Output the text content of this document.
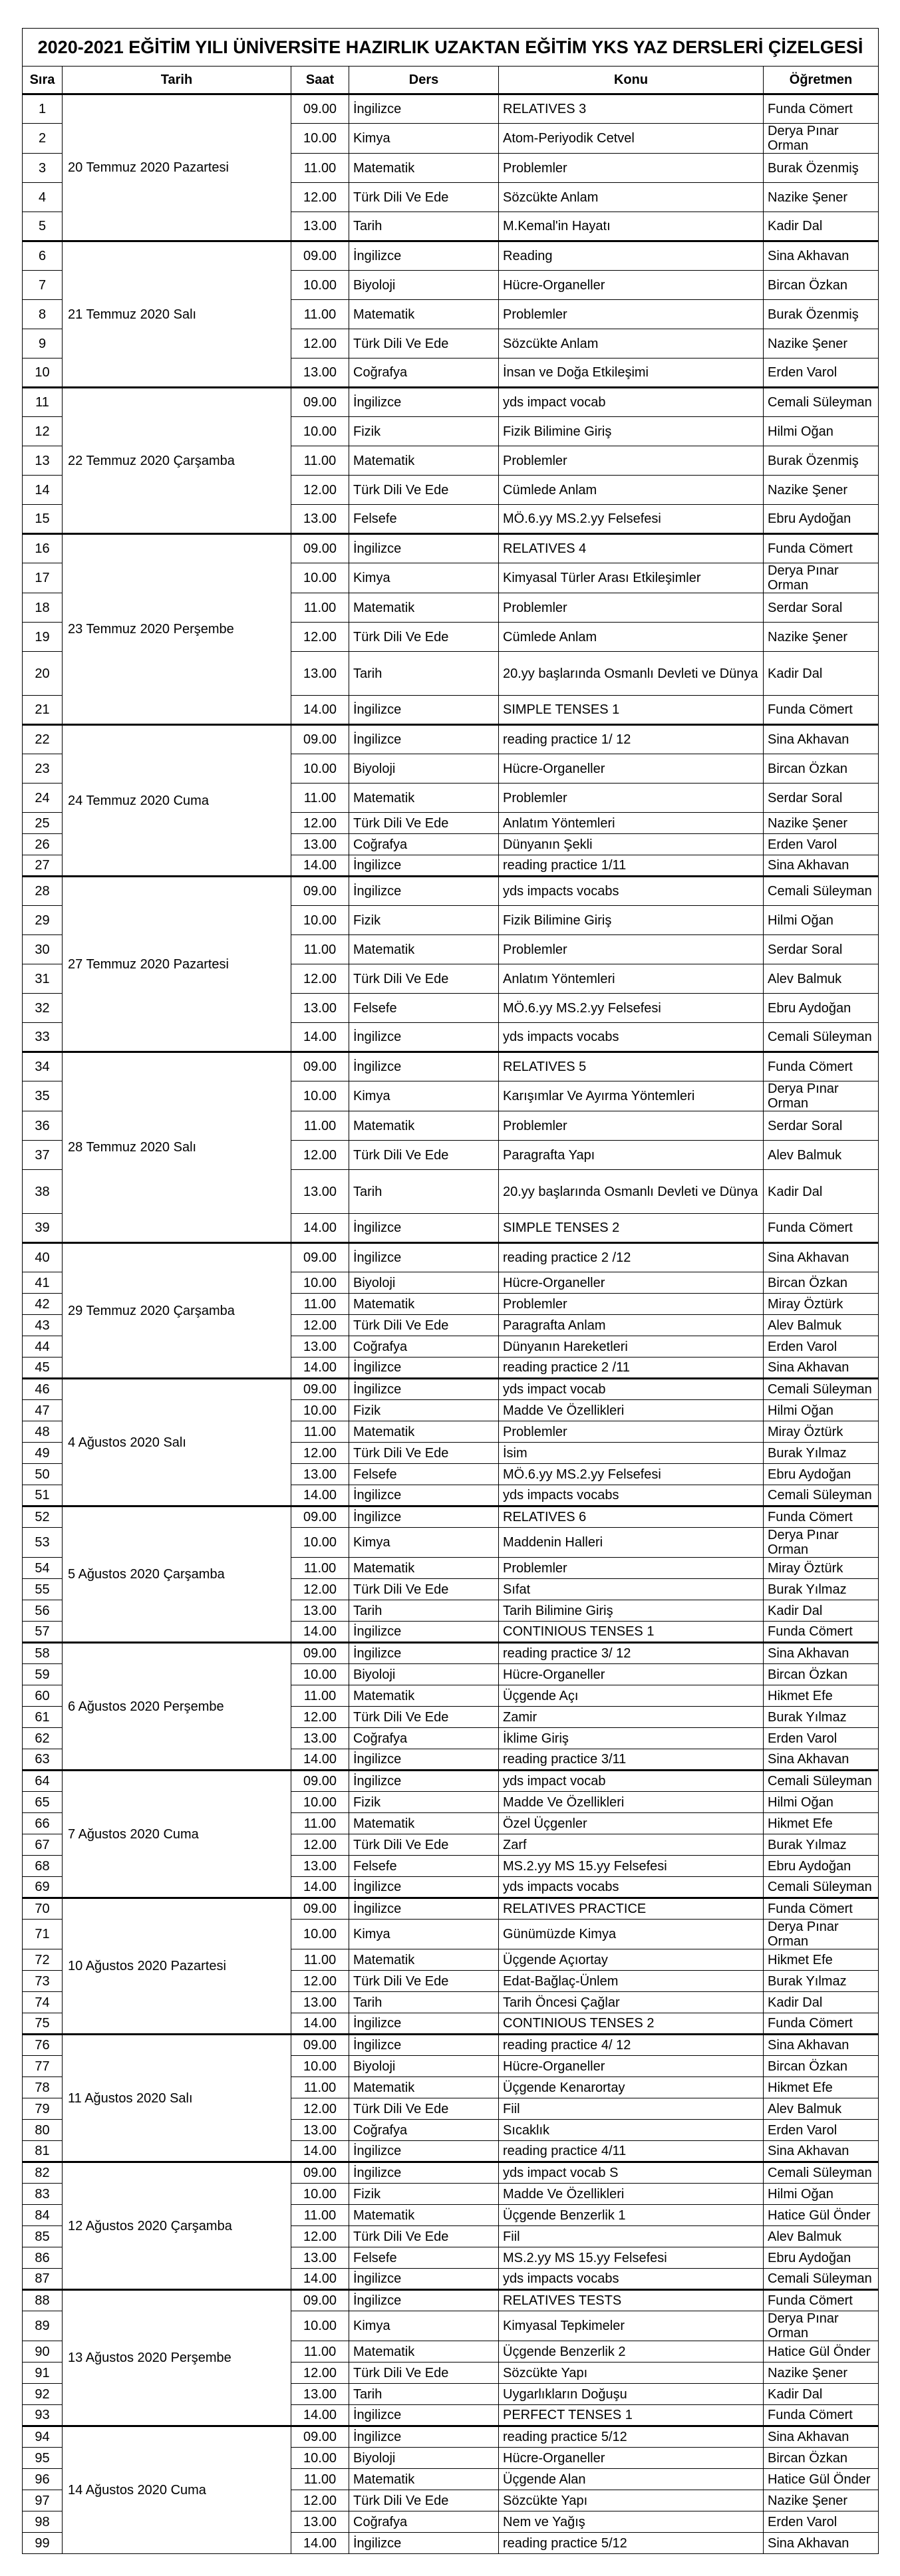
2020-2021 EĞİTİM YILI ÜNİVERSİTE HAZIRLIK UZAKTAN EĞİTİM YKS YAZ DERSLERİ ÇİZELGESİ					
Sıra	Tarih	Saat	Ders	Konu	Öğretmen
1	20 Temmuz 2020 Pazartesi	09.00	İngilizce	RELATIVES 3	Funda Cömert
2		10.00	Kimya	Atom-Periyodik Cetvel	Derya Pınar Orman
3		11.00	Matematik	Problemler	Burak Özenmiş
4		12.00	Türk Dili Ve Ede	Sözcükte Anlam	Nazike Şener
5		13.00	Tarih	M.Kemal'in Hayatı	Kadir Dal
6	21 Temmuz 2020 Salı	09.00	İngilizce	Reading	Sina Akhavan
7		10.00	Biyoloji	Hücre-Organeller	Bircan Özkan
8		11.00	Matematik	Problemler	Burak Özenmiş
9		12.00	Türk Dili Ve Ede	Sözcükte Anlam	Nazike Şener
10		13.00	Coğrafya	İnsan ve Doğa Etkileşimi	Erden Varol
11	22 Temmuz 2020 Çarşamba	09.00	İngilizce	yds impact vocab	Cemali Süleyman
12		10.00	Fizik	Fizik Bilimine Giriş	Hilmi Oğan
13		11.00	Matematik	Problemler	Burak Özenmiş
14		12.00	Türk Dili Ve Ede	Cümlede Anlam	Nazike Şener
15		13.00	Felsefe	MÖ.6.yy MS.2.yy Felsefesi	Ebru Aydoğan
16	23 Temmuz 2020 Perşembe	09.00	İngilizce	RELATIVES 4	Funda Cömert
17		10.00	Kimya	Kimyasal Türler Arası Etkileşimler	Derya Pınar Orman
18		11.00	Matematik	Problemler	Serdar Soral
19		12.00	Türk Dili Ve Ede	Cümlede Anlam	Nazike Şener
20		13.00	Tarih	20.yy başlarında Osmanlı Devleti ve Dünya	Kadir Dal
21		14.00	İngilizce	SIMPLE TENSES 1	Funda Cömert
22	24 Temmuz 2020 Cuma	09.00	İngilizce	reading practice 1/ 12	Sina Akhavan
23		10.00	Biyoloji	Hücre-Organeller	Bircan Özkan
24		11.00	Matematik	Problemler	Serdar Soral
25		12.00	Türk Dili Ve Ede	Anlatım Yöntemleri	Nazike Şener
26		13.00	Coğrafya	Dünyanın Şekli	Erden Varol
27		14.00	İngilizce	reading practice 1/11	Sina Akhavan
28	27 Temmuz 2020 Pazartesi	09.00	İngilizce	yds impacts vocabs	Cemali Süleyman
29		10.00	Fizik	Fizik Bilimine Giriş	Hilmi Oğan
30		11.00	Matematik	Problemler	Serdar Soral
31		12.00	Türk Dili Ve Ede	Anlatım Yöntemleri	Alev Balmuk
32		13.00	Felsefe	MÖ.6.yy MS.2.yy Felsefesi	Ebru Aydoğan
33		14.00	İngilizce	yds impacts vocabs	Cemali Süleyman
34	28 Temmuz 2020 Salı	09.00	İngilizce	RELATIVES 5	Funda Cömert
35		10.00	Kimya	Karışımlar Ve Ayırma Yöntemleri	Derya Pınar Orman
36		11.00	Matematik	Problemler	Serdar Soral
37		12.00	Türk Dili Ve Ede	Paragrafta Yapı	Alev Balmuk
38		13.00	Tarih	20.yy başlarında Osmanlı Devleti ve Dünya	Kadir Dal
39		14.00	İngilizce	SIMPLE TENSES 2	Funda Cömert
40	29 Temmuz 2020 Çarşamba	09.00	İngilizce	reading practice 2 /12	Sina Akhavan
41		10.00	Biyoloji	Hücre-Organeller	Bircan Özkan
42		11.00	Matematik	Problemler	Miray Öztürk
43		12.00	Türk Dili Ve Ede	Paragrafta Anlam	Alev Balmuk
44		13.00	Coğrafya	Dünyanın Hareketleri	Erden Varol
45		14.00	İngilizce	reading practice 2 /11	Sina Akhavan
46	4 Ağustos 2020 Salı	09.00	İngilizce	yds impact vocab	Cemali Süleyman
47		10.00	Fizik	Madde Ve Özellikleri	Hilmi Oğan
48		11.00	Matematik	Problemler	Miray Öztürk
49		12.00	Türk Dili Ve Ede	İsim	Burak Yılmaz
50		13.00	Felsefe	MÖ.6.yy MS.2.yy Felsefesi	Ebru Aydoğan
51		14.00	İngilizce	yds impacts vocabs	Cemali Süleyman
52	5 Ağustos 2020 Çarşamba	09.00	İngilizce	RELATIVES 6	Funda Cömert
53		10.00	Kimya	Maddenin Halleri	Derya Pınar Orman
54		11.00	Matematik	Problemler	Miray Öztürk
55		12.00	Türk Dili Ve Ede	Sıfat	Burak Yılmaz
56		13.00	Tarih	Tarih Bilimine Giriş	Kadir Dal
57		14.00	İngilizce	CONTINIOUS TENSES 1	Funda Cömert
58	6 Ağustos 2020 Perşembe	09.00	İngilizce	reading practice 3/ 12	Sina Akhavan
59		10.00	Biyoloji	Hücre-Organeller	Bircan Özkan
60		11.00	Matematik	Üçgende Açı	Hikmet Efe
61		12.00	Türk Dili Ve Ede	Zamir	Burak Yılmaz
62		13.00	Coğrafya	İklime Giriş	Erden Varol
63		14.00	İngilizce	reading practice 3/11	Sina Akhavan
64	7 Ağustos 2020 Cuma	09.00	İngilizce	yds impact vocab	Cemali Süleyman
65		10.00	Fizik	Madde Ve Özellikleri	Hilmi Oğan
66		11.00	Matematik	Özel Üçgenler	Hikmet Efe
67		12.00	Türk Dili Ve Ede	Zarf	Burak Yılmaz
68		13.00	Felsefe	MS.2.yy MS 15.yy Felsefesi	Ebru Aydoğan
69		14.00	İngilizce	yds impacts vocabs	Cemali Süleyman
70	10 Ağustos 2020 Pazartesi	09.00	İngilizce	RELATIVES PRACTICE	Funda Cömert
71		10.00	Kimya	Günümüzde Kimya	Derya Pınar Orman
72		11.00	Matematik	Üçgende Açıortay	Hikmet Efe
73		12.00	Türk Dili Ve Ede	Edat-Bağlaç-Ünlem	Burak Yılmaz
74		13.00	Tarih	Tarih Öncesi Çağlar	Kadir Dal
75		14.00	İngilizce	CONTINIOUS TENSES 2	Funda Cömert
76	11 Ağustos 2020 Salı	09.00	İngilizce	reading practice 4/ 12	Sina Akhavan
77		10.00	Biyoloji	Hücre-Organeller	Bircan Özkan
78		11.00	Matematik	Üçgende Kenarortay	Hikmet Efe
79		12.00	Türk Dili Ve Ede	Fiil	Alev Balmuk
80		13.00	Coğrafya	Sıcaklık	Erden Varol
81		14.00	İngilizce	reading practice 4/11	Sina Akhavan
82	12 Ağustos 2020 Çarşamba	09.00	İngilizce	yds impact vocab S	Cemali Süleyman
83		10.00	Fizik	Madde Ve Özellikleri	Hilmi Oğan
84		11.00	Matematik	Üçgende Benzerlik 1	Hatice Gül Önder
85		12.00	Türk Dili Ve Ede	Fiil	Alev Balmuk
86		13.00	Felsefe	MS.2.yy MS 15.yy Felsefesi	Ebru Aydoğan
87		14.00	İngilizce	yds impacts vocabs	Cemali Süleyman
88	13 Ağustos 2020 Perşembe	09.00	İngilizce	RELATIVES TESTS	Funda Cömert
89		10.00	Kimya	Kimyasal Tepkimeler	Derya Pınar Orman
90		11.00	Matematik	Üçgende Benzerlik 2	Hatice Gül Önder
91		12.00	Türk Dili Ve Ede	Sözcükte Yapı	Nazike Şener
92		13.00	Tarih	Uygarlıkların Doğuşu	Kadir Dal
93		14.00	İngilizce	PERFECT TENSES 1	Funda Cömert
94	14 Ağustos 2020 Cuma	09.00	İngilizce	reading practice 5/12	Sina Akhavan
95		10.00	Biyoloji	Hücre-Organeller	Bircan Özkan
96		11.00	Matematik	Üçgende Alan	Hatice Gül Önder
97		12.00	Türk Dili Ve Ede	Sözcükte Yapı	Nazike Şener
98		13.00	Coğrafya	Nem ve Yağış	Erden Varol
99		14.00	İngilizce	reading practice 5/12	Sina Akhavan
